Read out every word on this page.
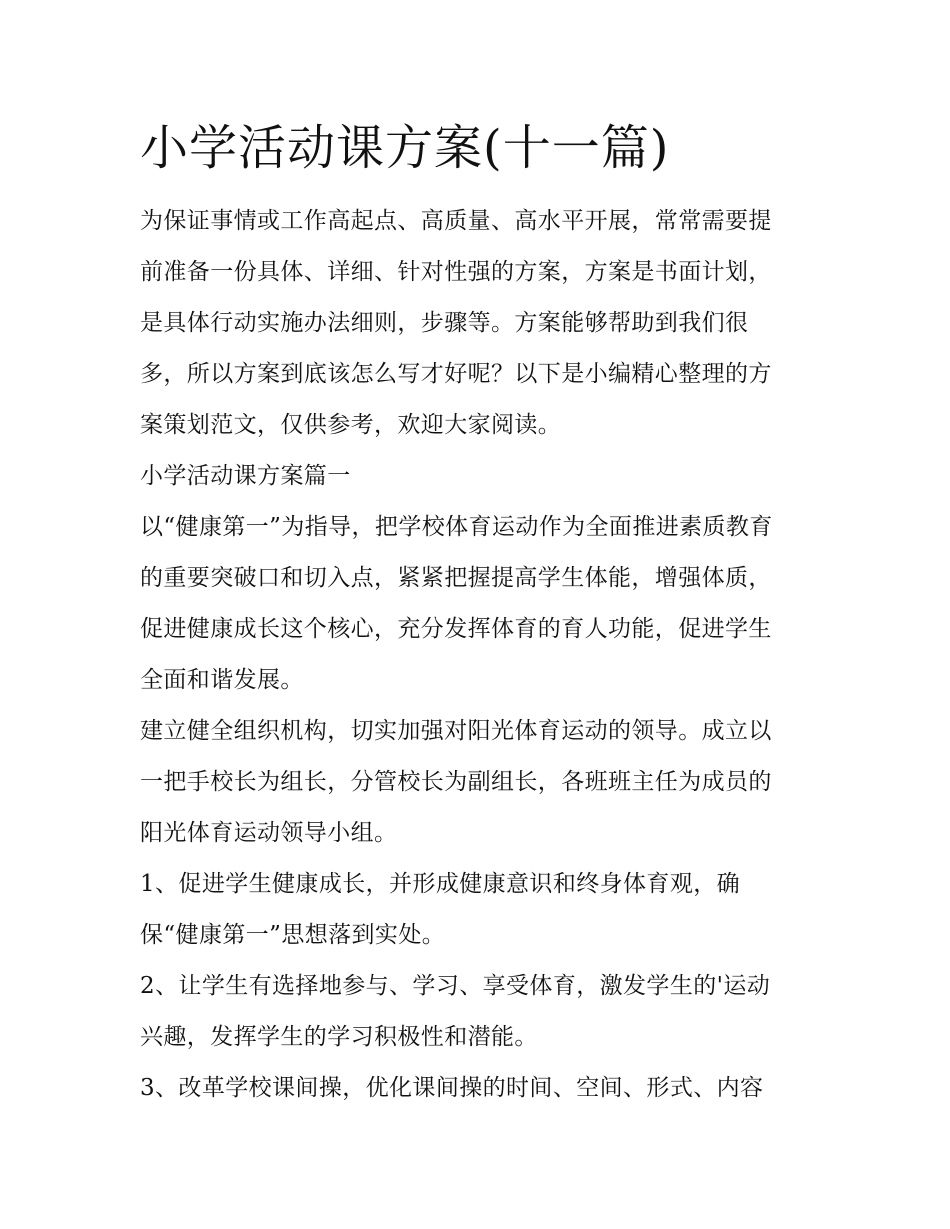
小学活动课方案(十一篇)
为保证事情或工作高起点、高质量、高水平开展，常常需要提
前准备一份具体、详细、针对性强的方案，方案是书面计划，
是具体行动实施办法细则，步骤等。方案能够帮助到我们很
多，所以方案到底该怎么写才好呢？以下是小编精心整理的方
案策划范文，仅供参考，欢迎大家阅读。
小学活动课方案篇一
以“健康第一”为指导，把学校体育运动作为全面推进素质教育
的重要突破口和切入点，紧紧把握提高学生体能，增强体质，
促进健康成长这个核心，充分发挥体育的育人功能，促进学生
全面和谐发展。
建立健全组织机构，切实加强对阳光体育运动的领导。成立以
一把手校长为组长，分管校长为副组长，各班班主任为成员的
阳光体育运动领导小组。
1、促进学生健康成长，并形成健康意识和终身体育观，确
保“健康第一”思想落到实处。
2、让学生有选择地参与、学习、享受体育，激发学生的'运动
兴趣，发挥学生的学习积极性和潜能。
3、改革学校课间操，优化课间操的时间、空间、形式、内容
